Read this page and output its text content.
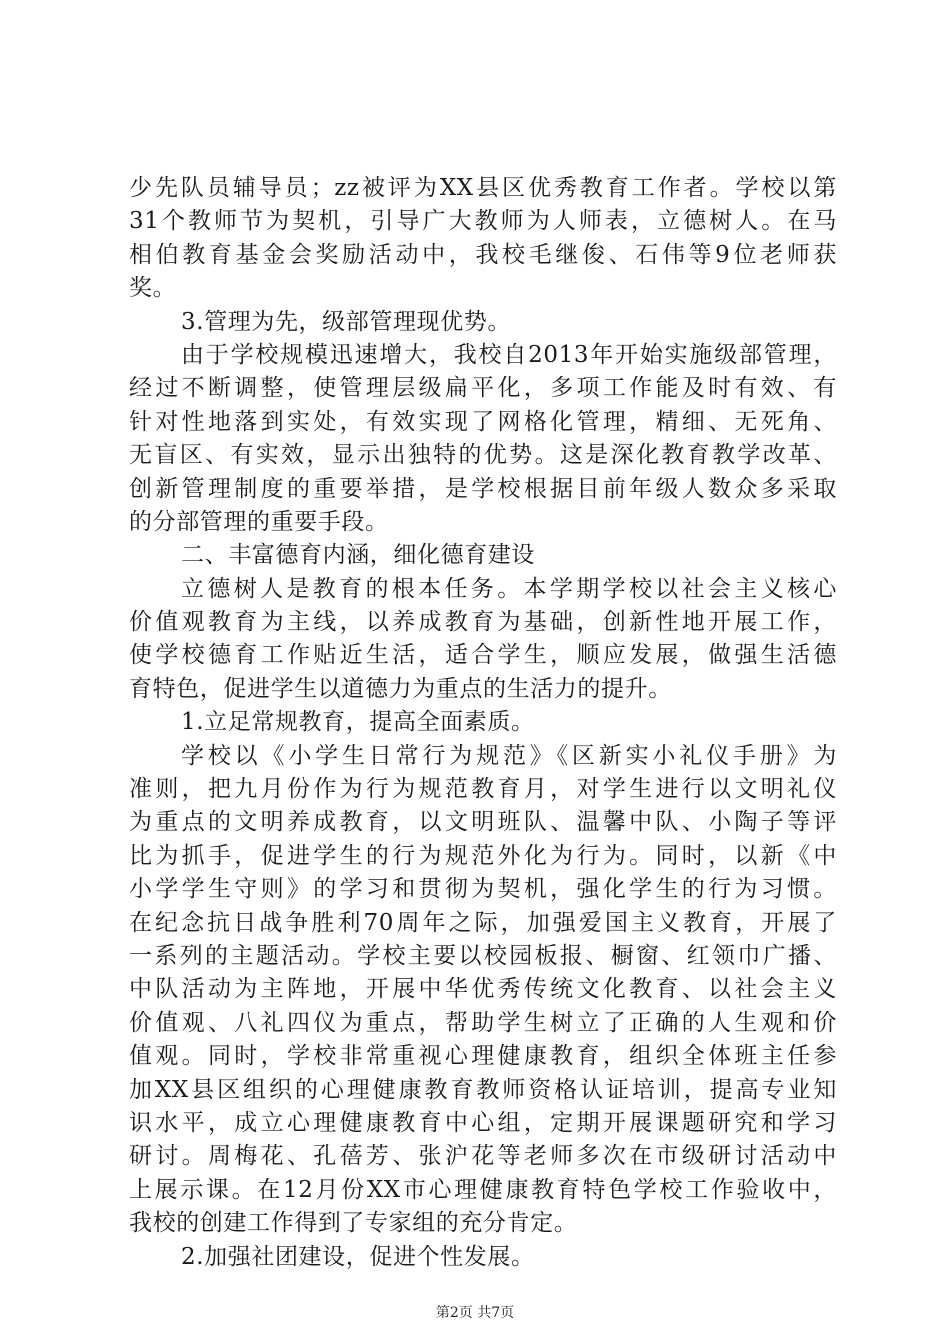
少先队员辅导员；zz被评为XX县区优秀教育工作者。学校以第
31个教师节为契机，引导广大教师为人师表，立德树人。在马
相伯教育基金会奖励活动中，我校毛继俊、石伟等9位老师获
奖。
3.管理为先，级部管理现优势。
由于学校规模迅速增大，我校自2013年开始实施级部管理，
经过不断调整，使管理层级扁平化，多项工作能及时有效、有
针对性地落到实处，有效实现了网格化管理，精细、无死角、
无盲区、有实效，显示出独特的优势。这是深化教育教学改革、
创新管理制度的重要举措，是学校根据目前年级人数众多采取
的分部管理的重要手段。
二、丰富德育内涵，细化德育建设
立德树人是教育的根本任务。本学期学校以社会主义核心
价值观教育为主线，以养成教育为基础，创新性地开展工作，
使学校德育工作贴近生活，适合学生，顺应发展，做强生活德
育特色，促进学生以道德力为重点的生活力的提升。
1.立足常规教育，提高全面素质。
学校以《小学生日常行为规范》《区新实小礼仪手册》为
准则，把九月份作为行为规范教育月，对学生进行以文明礼仪
为重点的文明养成教育，以文明班队、温馨中队、小陶子等评
比为抓手，促进学生的行为规范外化为行为。同时，以新《中
小学学生守则》的学习和贯彻为契机，强化学生的行为习惯。
在纪念抗日战争胜利70周年之际，加强爱国主义教育，开展了
一系列的主题活动。学校主要以校园板报、橱窗、红领巾广播、
中队活动为主阵地，开展中华优秀传统文化教育、以社会主义
价值观、八礼四仪为重点，帮助学生树立了正确的人生观和价
值观。同时，学校非常重视心理健康教育，组织全体班主任参
加XX县区组织的心理健康教育教师资格认证培训，提高专业知
识水平，成立心理健康教育中心组，定期开展课题研究和学习
研讨。周梅花、孔蓓芳、张沪花等老师多次在市级研讨活动中
上展示课。在12月份XX市心理健康教育特色学校工作验收中，
我校的创建工作得到了专家组的充分肯定。
2.加强社团建设，促进个性发展。
第2页 共7页
